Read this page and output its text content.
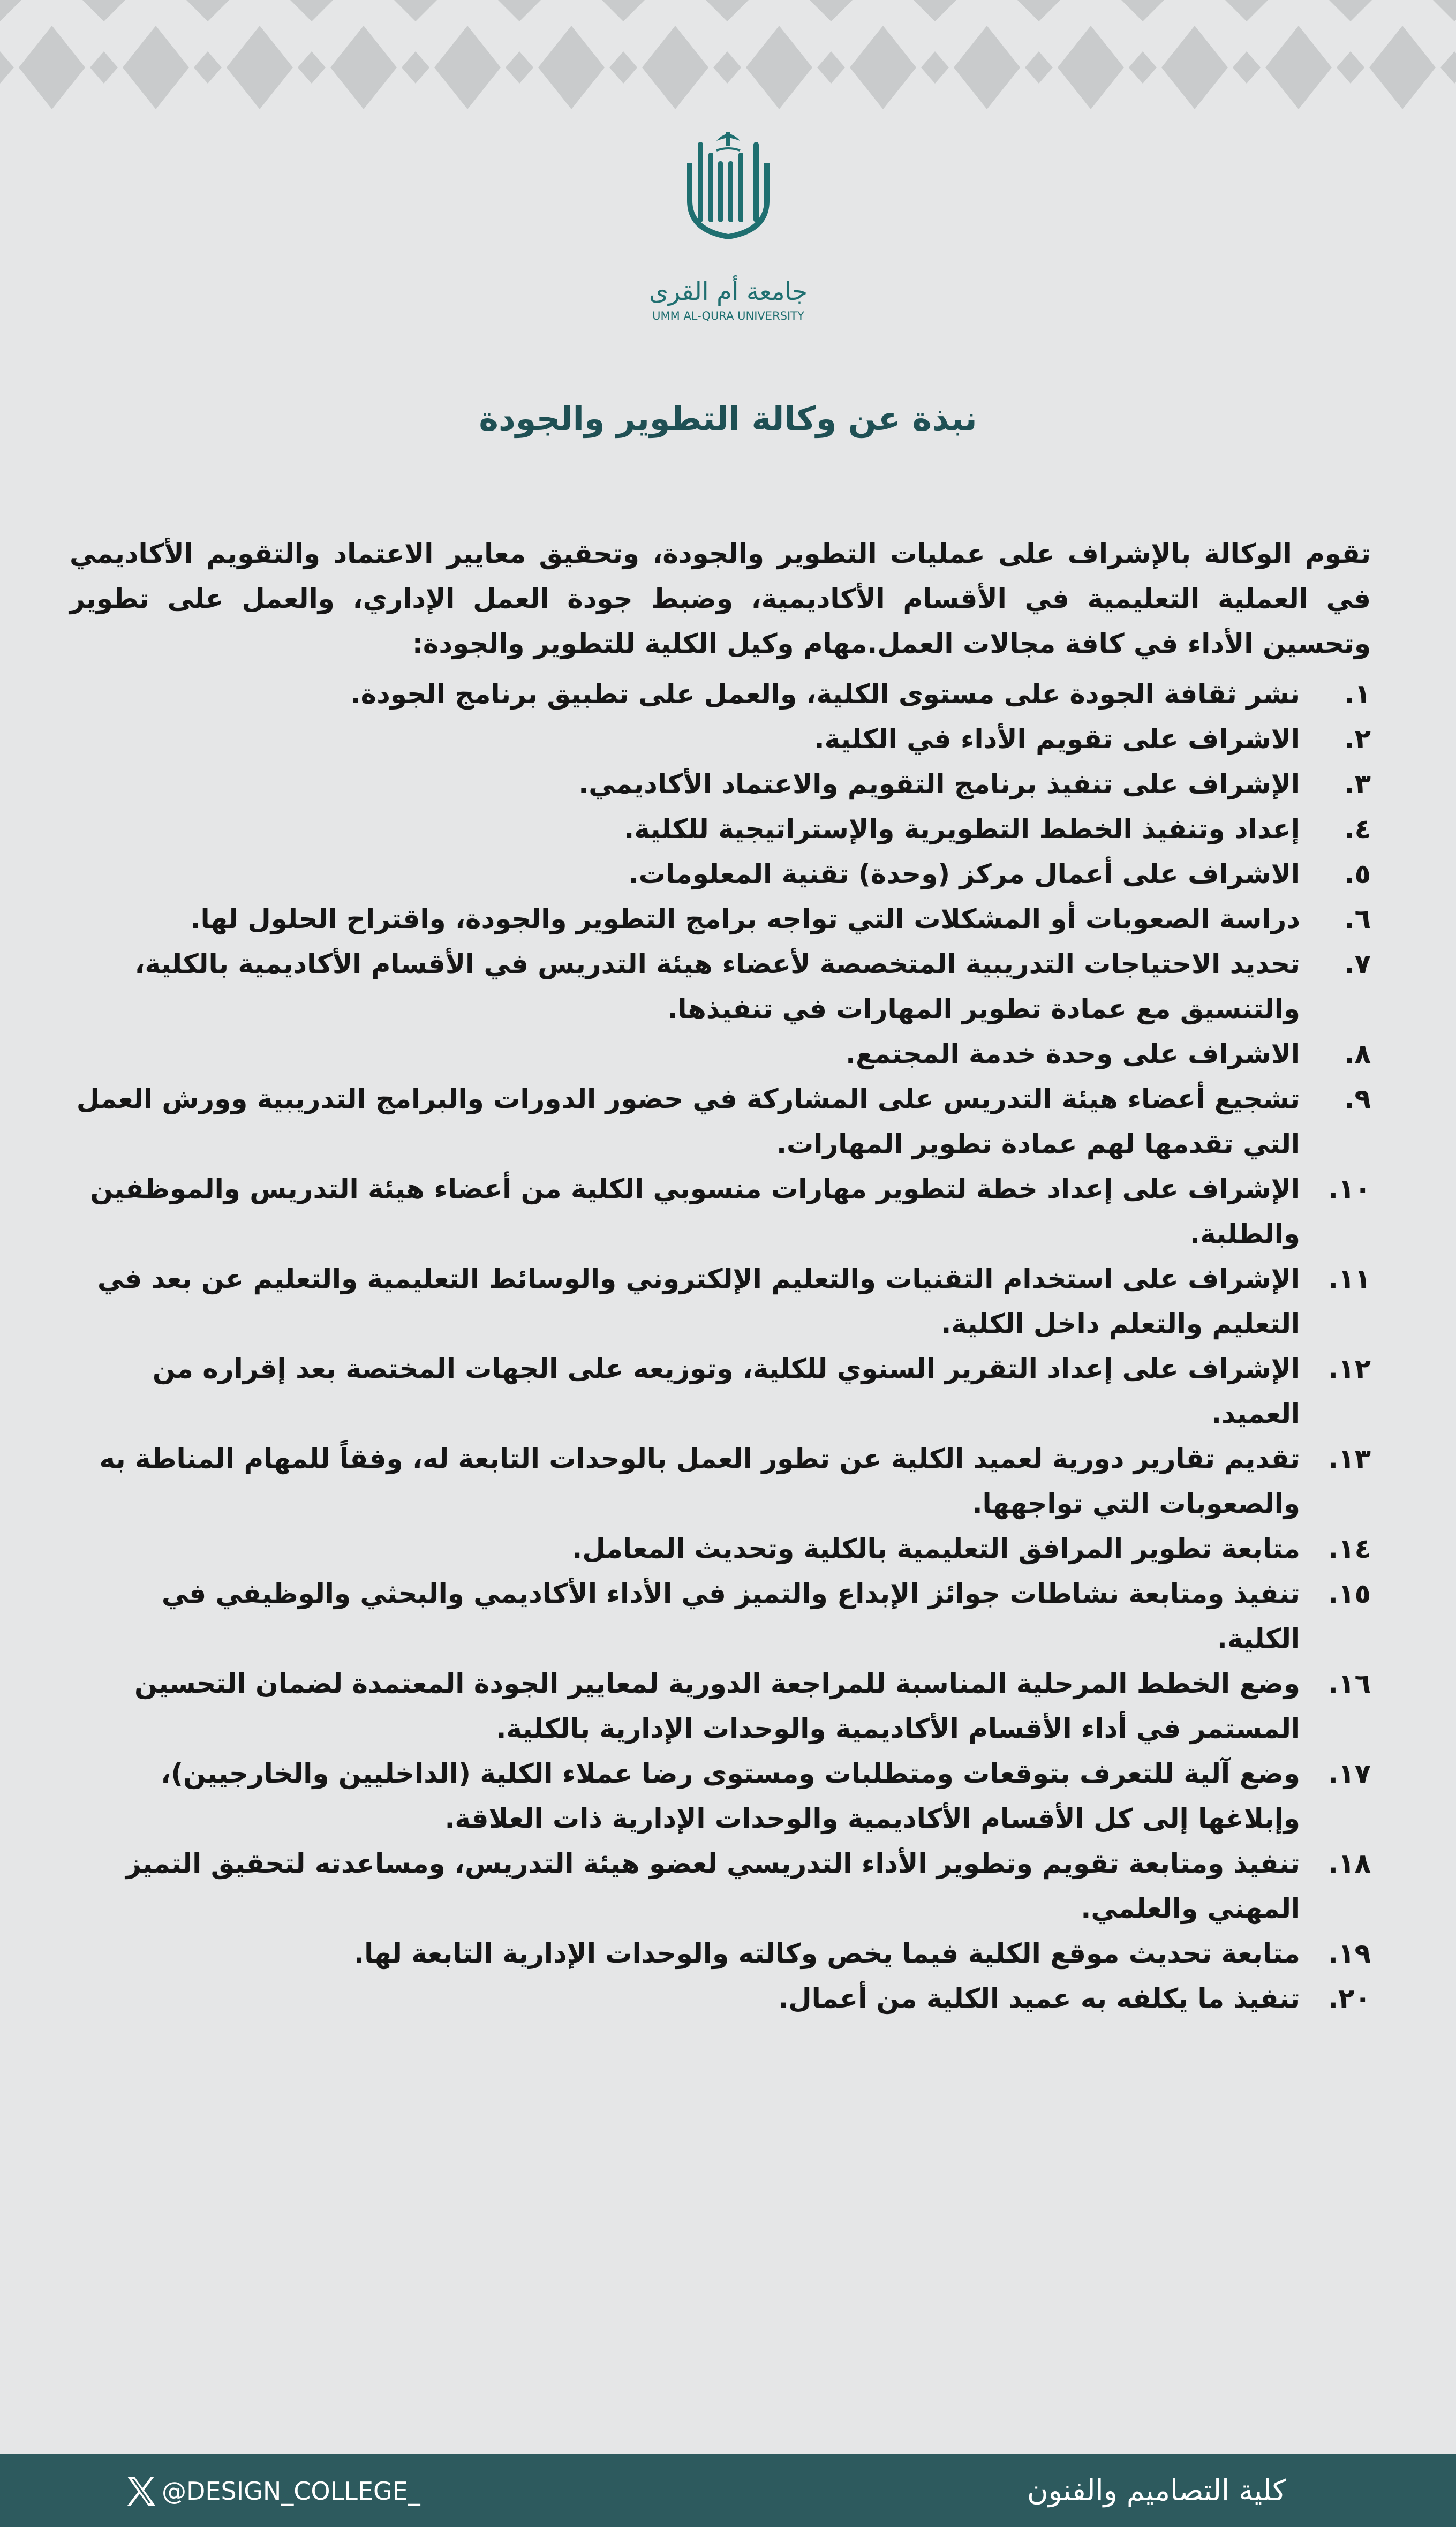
جامعة أم القرى
UMM AL-QURA UNIVERSITY
نبذة عن وكالة التطوير والجودة

تقوم الوكالة بالإشراف على عمليات التطوير والجودة، وتحقيق معايير الاعتماد والتقويم الأكاديمي في العملية التعليمية في الأقسام الأكاديمية، وضبط جودة العمل الإداري، والعمل على تطوير وتحسين الأداء في كافة مجالات العمل.مهام وكيل الكلية للتطوير والجودة:

١.
نشر ثقافة الجودة على مستوى الكلية، والعمل على تطبيق برنامج الجودة.
٢.
الاشراف على تقويم الأداء في الكلية.
٣.
الإشراف على تنفيذ برنامج التقويم والاعتماد الأكاديمي.
٤.
إعداد وتنفيذ الخطط التطويرية والإستراتيجية للكلية.
٥.
الاشراف على أعمال مركز (وحدة) تقنية المعلومات.
٦.
دراسة الصعوبات أو المشكلات التي تواجه برامج التطوير والجودة، واقتراح الحلول لها.
٧.
تحديد الاحتياجات التدريبية المتخصصة لأعضاء هيئة التدريس في الأقسام الأكاديمية بالكلية، والتنسيق مع عمادة تطوير المهارات في تنفيذها.
٨.
الاشراف على وحدة خدمة المجتمع.
٩.
تشجيع أعضاء هيئة التدريس على المشاركة في حضور الدورات والبرامج التدريبية وورش العمل التي تقدمها لهم عمادة تطوير المهارات.
١٠.
الإشراف على إعداد خطة لتطوير مهارات منسوبي الكلية من أعضاء هيئة التدريس والموظفين والطلبة.
١١.
الإشراف على استخدام التقنيات والتعليم الإلكتروني والوسائط التعليمية والتعليم عن بعد في التعليم والتعلم داخل الكلية.
١٢.
الإشراف على إعداد التقرير السنوي للكلية، وتوزيعه على الجهات المختصة بعد إقراره من العميد.
١٣.
تقديم تقارير دورية لعميد الكلية عن تطور العمل بالوحدات التابعة له، وفقاً للمهام المناطة به والصعوبات التي تواجهها.
١٤.
متابعة تطوير المرافق التعليمية بالكلية وتحديث المعامل.
١٥.
تنفيذ ومتابعة نشاطات جوائز الإبداع والتميز في الأداء الأكاديمي والبحثي والوظيفي في الكلية.
١٦.
وضع الخطط المرحلية المناسبة للمراجعة الدورية لمعايير الجودة المعتمدة لضمان التحسين المستمر في أداء الأقسام الأكاديمية والوحدات الإدارية بالكلية.
١٧.
وضع آلية للتعرف بتوقعات ومتطلبات ومستوى رضا عملاء الكلية (الداخليين والخارجيين)، وإبلاغها إلى كل الأقسام الأكاديمية والوحدات الإدارية ذات العلاقة.
١٨.
تنفيذ ومتابعة تقويم وتطوير الأداء التدريسي لعضو هيئة التدريس، ومساعدته لتحقيق التميز المهني والعلمي.
١٩.
متابعة تحديث موقع الكلية فيما يخص وكالته والوحدات الإدارية التابعة لها.
٢٠.
تنفيذ ما يكلفه به عميد الكلية من أعمال.
@DESIGN_COLLEGE_	كلية التصاميم والفنون
